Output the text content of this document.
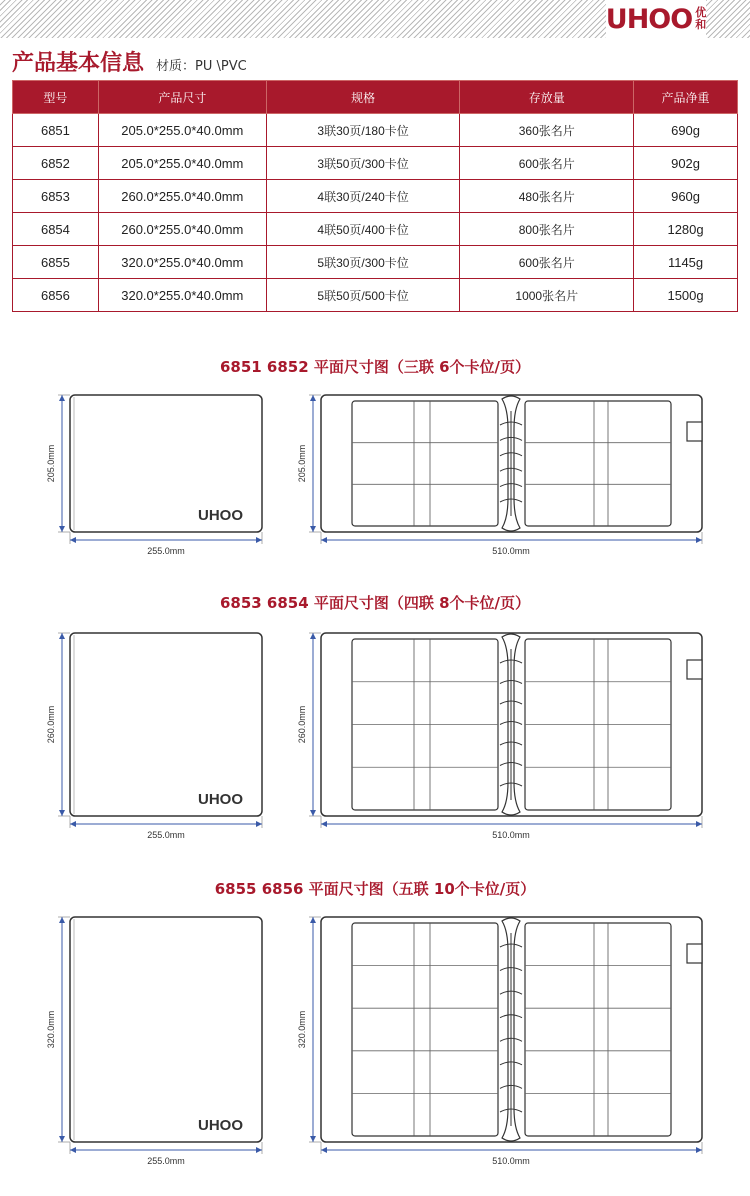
UHOO 优
和
产品基本信息 材质：PU \PVC
型号	产品尺寸	规格	存放量	产品净重
6851	205.0*255.0*40.0mm	3联30页/180卡位	360张名片	690g
6852	205.0*255.0*40.0mm	3联50页/300卡位	600张名片	902g
6853	260.0*255.0*40.0mm	4联30页/240卡位	480张名片	960g
6854	260.0*255.0*40.0mm	4联50页/400卡位	800张名片	1280g
6855	320.0*255.0*40.0mm	5联30页/300卡位	600张名片	1145g
6856	320.0*255.0*40.0mm	5联50页/500卡位	1000张名片	1500g
6851 6852 平面尺寸图（三联 6个卡位/页）
6853 6854 平面尺寸图（四联 8个卡位/页）
6855 6856 平面尺寸图（五联 10个卡位/页）
UHOO
205.0mm
255.0mm
205.0mm
510.0mm
UHOO
260.0mm
255.0mm
260.0mm
510.0mm
UHOO
320.0mm
255.0mm
320.0mm
510.0mm
